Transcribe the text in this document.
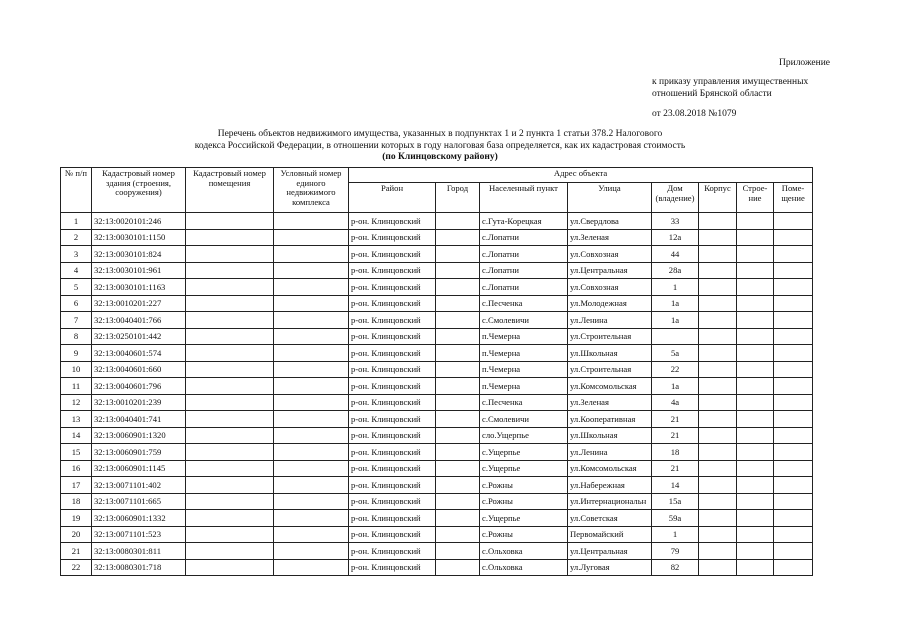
Приложение
к приказу управления имущественных
отношений Брянской области
от 23.08.2018 №1079
Перечень объектов недвижимого имущества, указанных в подпунктах 1 и 2 пункта 1 статьи 378.2 Налогового
кодекса Российской Федерации, в отношении которых в году налоговая база определяется, как их кадастровая стоимость
(по Клинцовскому району)
№ п/п	Кадастровый номер здания (строения, сооружения)	Кадастровый номер помещения	Условный номер единого недвижимого комплекса	Адрес объекта							
				Район	Город	Населенный пункт	Улица	Дом (владение)	Корпус	Строе-ние	Поме-щение
1	32:13:0020101:246			р-он. Клинцовский		с.Гута-Корецкая	ул.Свердлова	33			
2	32:13:0030101:1150			р-он. Клинцовский		с.Лопатни	ул.Зеленая	12а			
3	32:13:0030101:824			р-он. Клинцовский		с.Лопатни	ул.Совхозная	44			
4	32:13:0030101:961			р-он. Клинцовский		с.Лопатни	ул.Центральная	28а			
5	32:13:0030101:1163			р-он. Клинцовский		с.Лопатни	ул.Совхозная	1			
6	32:13:0010201:227			р-он. Клинцовский		с.Песченка	ул.Молодежная	1а			
7	32:13:0040401:766			р-он. Клинцовский		с.Смолевичи	ул.Ленина	1а			
8	32:13:0250101:442			р-он. Клинцовский		п.Чемерна	ул.Строительная				
9	32:13:0040601:574			р-он. Клинцовский		п.Чемерна	ул.Школьная	5а			
10	32:13:0040601:660			р-он. Клинцовский		п.Чемерна	ул.Строительная	22			
11	32:13:0040601:796			р-он. Клинцовский		п.Чемерна	ул.Комсомольская	1а			
12	32:13:0010201:239			р-он. Клинцовский		с.Песченка	ул.Зеленая	4а			
13	32:13:0040401:741			р-он. Клинцовский		с.Смолевичи	ул.Кооперативная	21			
14	32:13:0060901:1320			р-он. Клинцовский		сло.Ущерпье	ул.Школьная	21			
15	32:13:0060901:759			р-он. Клинцовский		с.Ущерпье	ул.Ленина	18			
16	32:13:0060901:1145			р-он. Клинцовский		с.Ущерпье	ул.Комсомольская	21			
17	32:13:0071101:402			р-он. Клинцовский		с.Рожны	ул.Набережная	14			
18	32:13:0071101:665			р-он. Клинцовский		с.Рожны	ул.Интернациональн	15а			
19	32:13:0060901:1332			р-он. Клинцовский		с.Ущерпье	ул.Советская	59а			
20	32:13:0071101:523			р-он. Клинцовский		с.Рожны	Первомайский	1			
21	32:13:0080301:811			р-он. Клинцовский		с.Ольховка	ул.Центральная	79			
22	32:13:0080301:718			р-он. Клинцовский		с.Ольховка	ул.Луговая	82			
